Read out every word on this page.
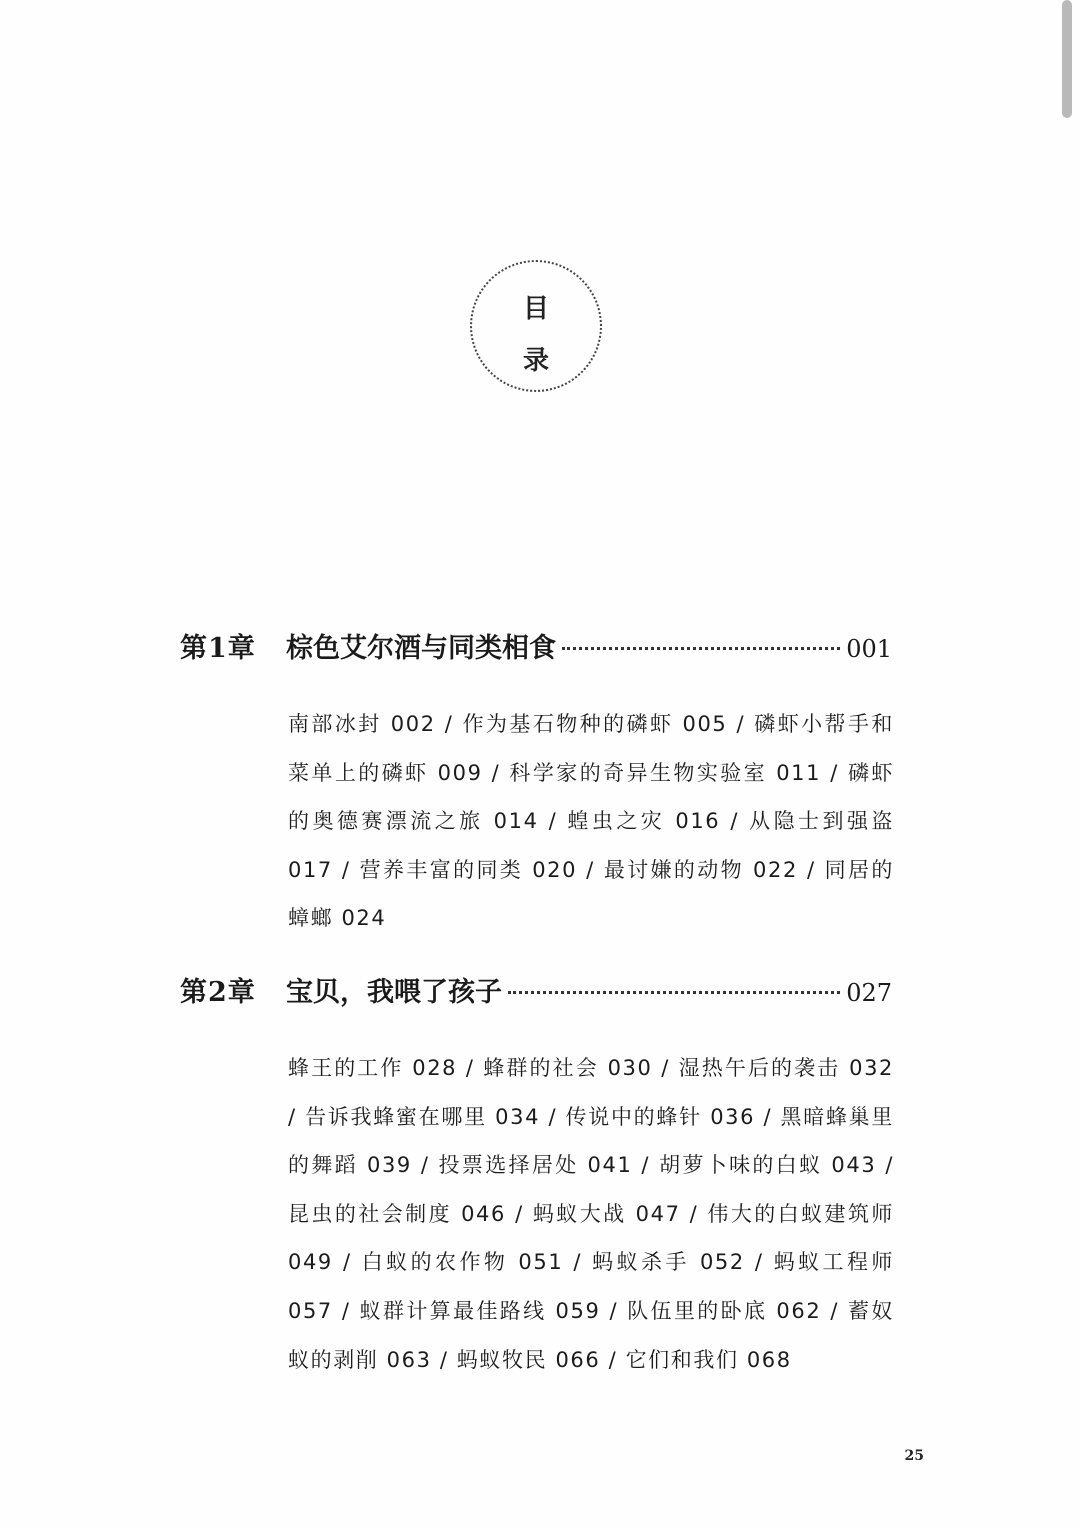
目
录
第1章	棕色艾尔酒与同类相食	001
南部冰封 002 / 作为基石物种的磷虾 005 / 磷虾小帮手和菜单上的磷虾 009 / 科学家的奇异生物实验室 011 / 磷虾的奥德赛漂流之旅 014 / 蝗虫之灾 016 / 从隐士到强盗 017 / 营养丰富的同类 020 / 最讨嫌的动物 022 / 同居的蟑螂 024
第2章	宝贝，我喂了孩子	027
蜂王的工作 028 / 蜂群的社会 030 / 湿热午后的袭击 032 / 告诉我蜂蜜在哪里 034 / 传说中的蜂针 036 / 黑暗蜂巢里的舞蹈 039 / 投票选择居处 041 / 胡萝卜味的白蚁 043 / 昆虫的社会制度 046 / 蚂蚁大战 047 / 伟大的白蚁建筑师 049 / 白蚁的农作物 051 / 蚂蚁杀手 052 / 蚂蚁工程师 057 / 蚁群计算最佳路线 059 / 队伍里的卧底 062 / 蓄奴蚁的剥削 063 / 蚂蚁牧民 066 / 它们和我们 068
25
